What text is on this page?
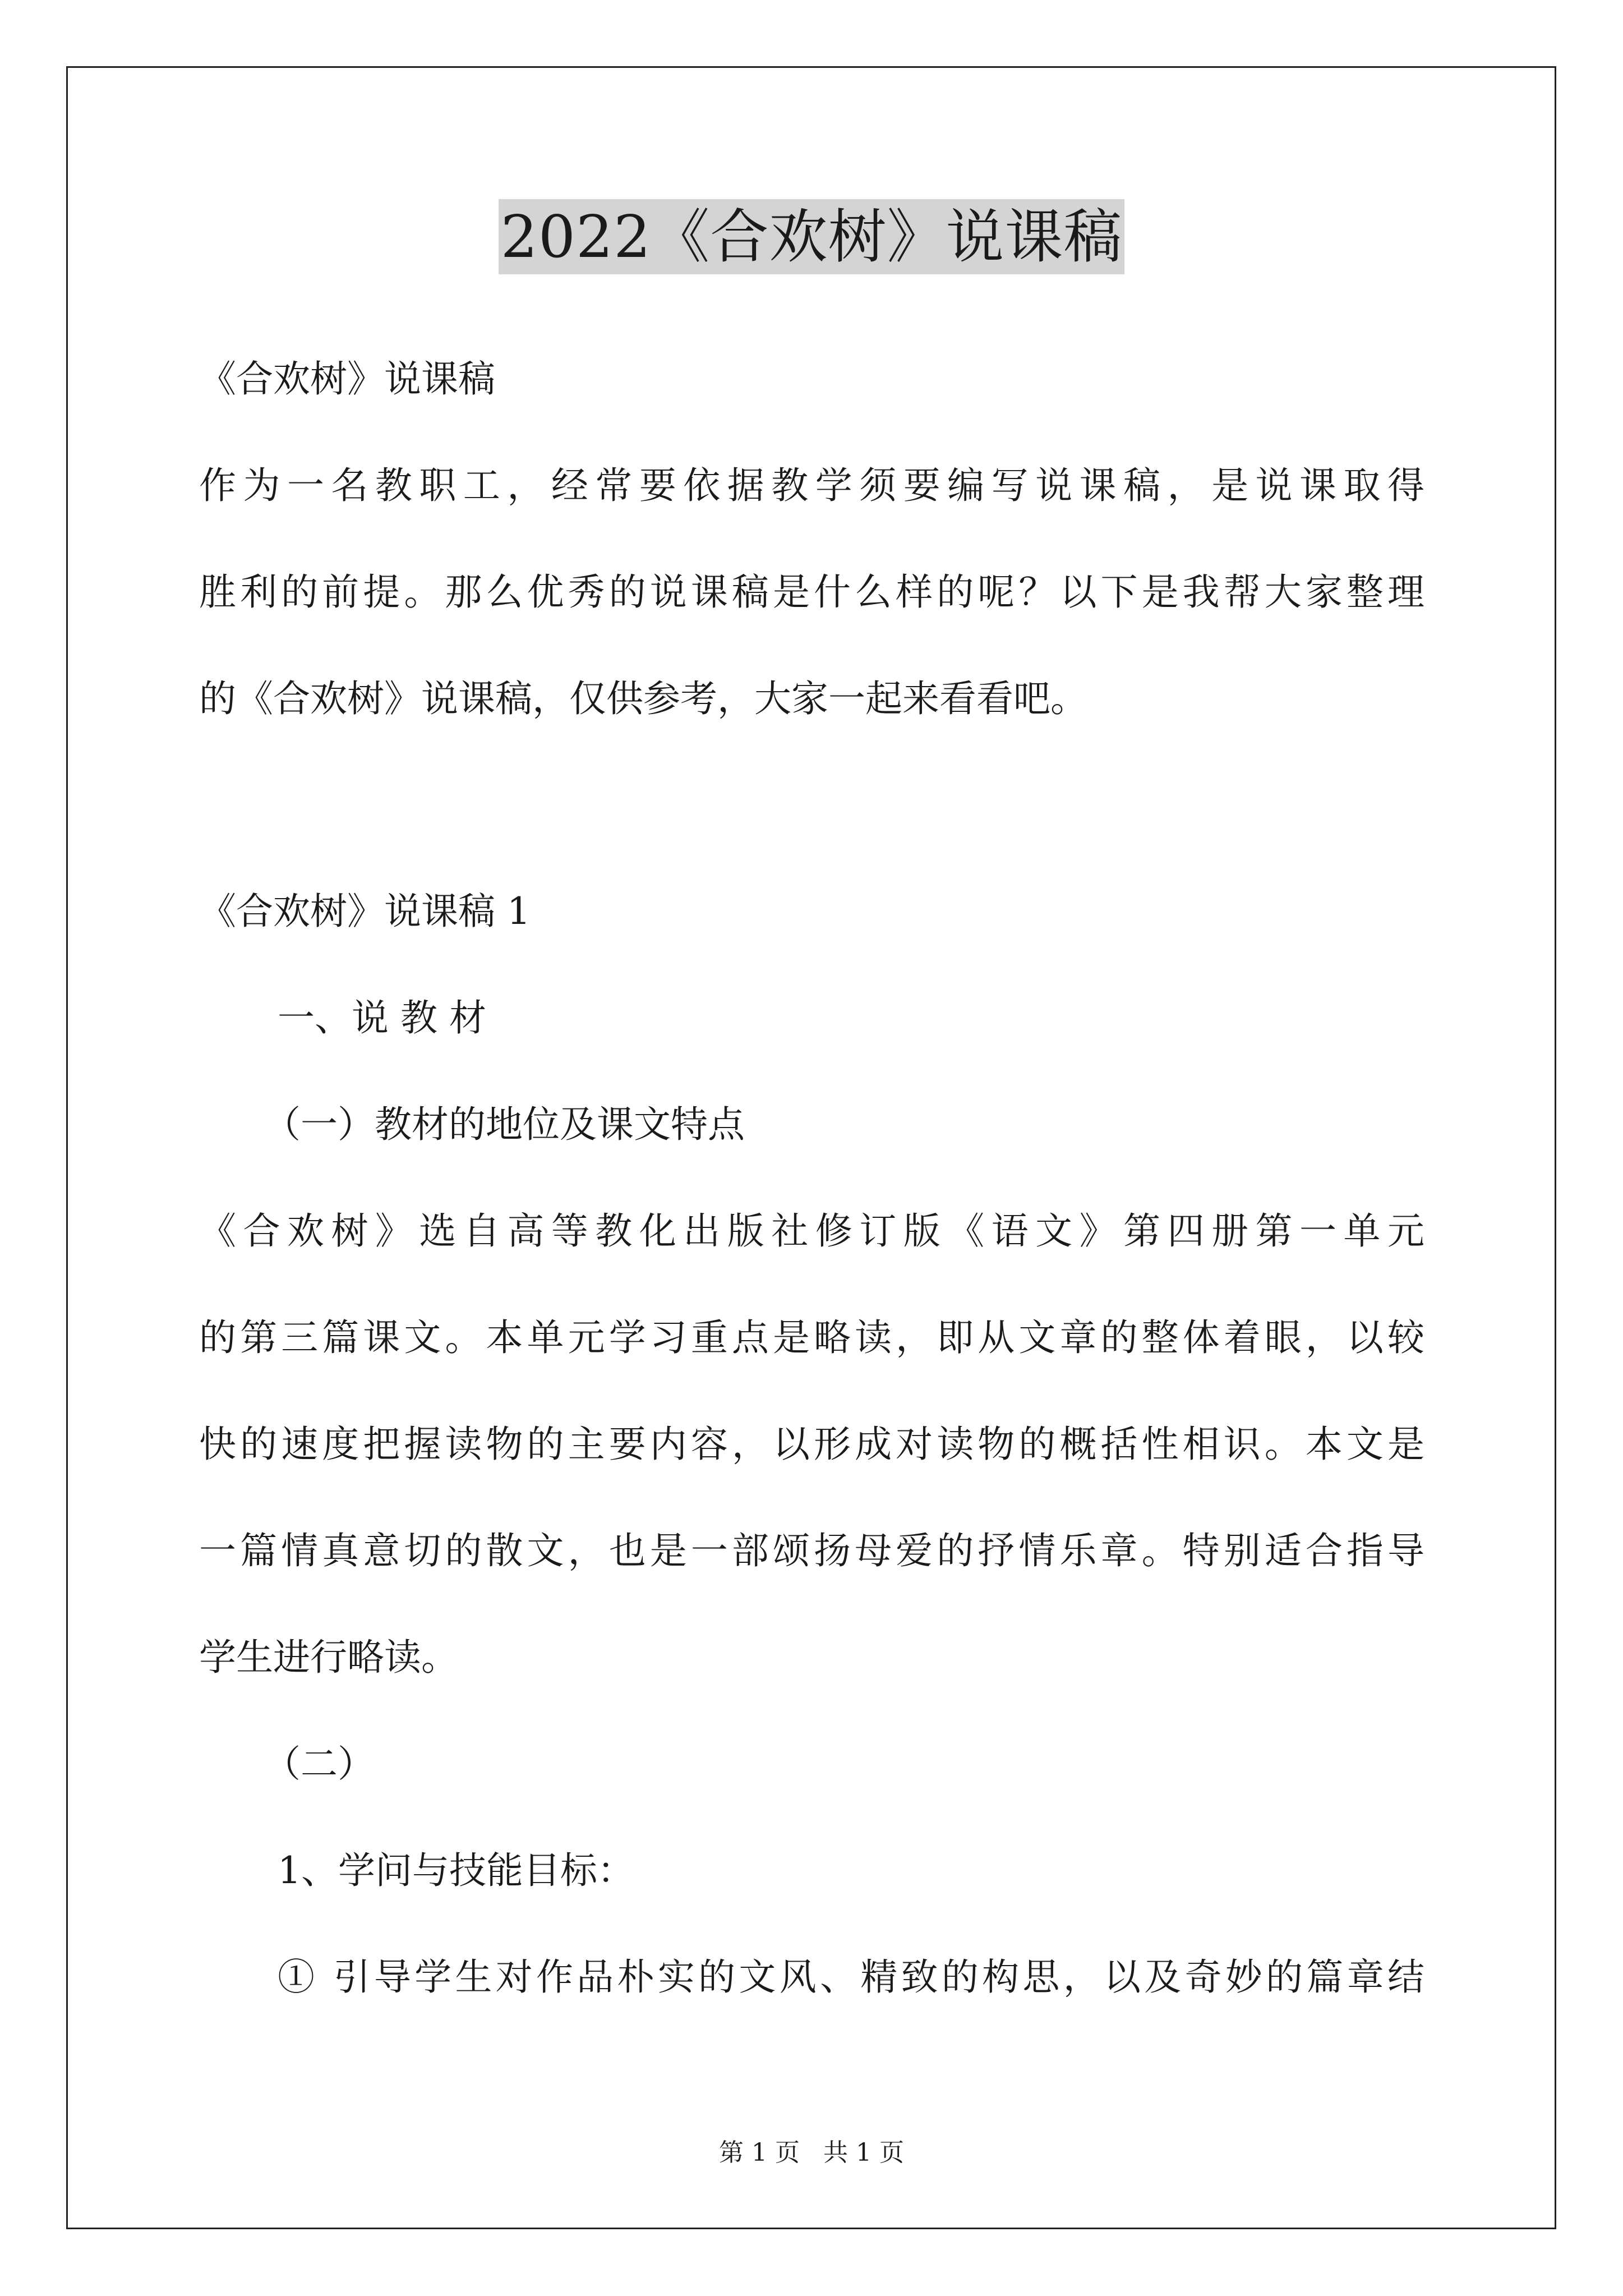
2022《合欢树》说课稿

《合欢树》说课稿

作为一名教职工，经常要依据教学须要编写说课稿，是说课取得

胜利的前提。那么优秀的说课稿是什么样的呢？以下是我帮大家整理

的《合欢树》说课稿，仅供参考，大家一起来看看吧。

《合欢树》说课稿 1

一、说 教 材

（一）教材的地位及课文特点

《合欢树》选自高等教化出版社修订版《语文》第四册第一单元

的第三篇课文。本单元学习重点是略读，即从文章的整体着眼，以较

快的速度把握读物的主要内容，以形成对读物的概括性相识。本文是

一篇情真意切的散文，也是一部颂扬母爱的抒情乐章。特别适合指导

学生进行略读。

（二）

1、学问与技能目标：

① 引导学生对作品朴实的文风、精致的构思，以及奇妙的篇章结

第 1 页 共 1 页
